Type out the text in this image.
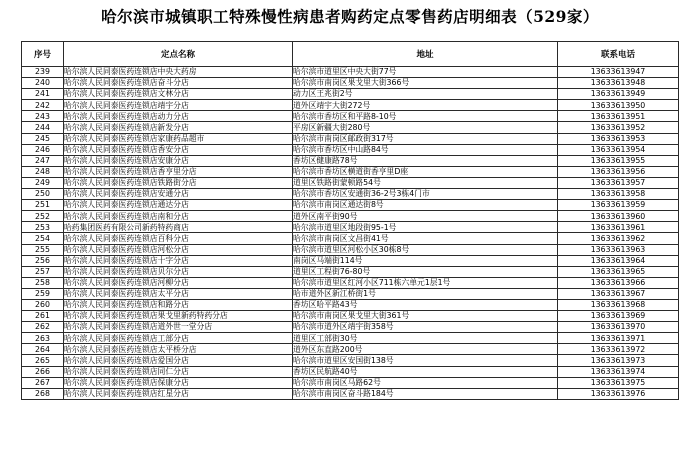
哈尔滨市城镇职工特殊慢性病患者购药定点零售药店明细表（529家）
序号	定点名称	地址	联系电话
239	哈尔滨人民同泰医药连锁店中央大药房	哈尔滨市道里区中央大街77号	13633613947
240	哈尔滨人民同泰医药连锁店奋斗分店	哈尔滨市南岗区果戈里大街366号	13633613948
241	哈尔滨人民同泰医药连锁店文林分店	动力区王兆街2号	13633613949
242	哈尔滨人民同泰医药连锁店靖宇分店	道外区靖宇大街272号	13633613950
243	哈尔滨人民同泰医药连锁店动力分店	哈尔滨市香坊区和平路8-10号	13633613951
244	哈尔滨人民同泰医药连锁店新发分店	平房区新疆大街280号	13633613952
245	哈尔滨人民同泰医药连锁店家康药品超市	哈尔滨市南岗区邮政街317号	13633613953
246	哈尔滨人民同泰医药连锁店香安分店	哈尔滨市香坊区中山路84号	13633613954
247	哈尔滨人民同泰医药连锁店安康分店	香坊区健康路78号	13633613955
248	哈尔滨人民同泰医药连锁店香亨里分店	哈尔滨市香坊区横道街香亨里D座	13633613956
249	哈尔滨人民同泰医药连锁店铁路街分店	道里区铁路街蒙顿路54号	13633613957
250	哈尔滨人民同泰医药连锁店安通分店	哈尔滨市香坊区安通街36-2号3栋4门市	13633613958
251	哈尔滨人民同泰医药连锁店通达分店	哈尔滨市南岗区通达街8号	13633613959
252	哈尔滨人民同泰医药连锁店南和分店	道外区南平街90号	13633613960
253	哈药集团医药有限公司新药特药商店	哈尔滨市道里区地段街95-1号	13633613961
254	哈尔滨人民同泰医药连锁店百科分店	哈尔滨市南岗区文昌街41号	13633613962
255	哈尔滨人民同泰医药连锁店河松分店	哈尔滨市道里区河松小区30栋8号	13633613963
256	哈尔滨人民同泰医药连锁店十字分店	南岗区马端街114号	13633613964
257	哈尔滨人民同泰医药连锁店贝尔分店	道里区工程街76-80号	13633613965
258	哈尔滨人民同泰医药连锁店河柳分店	哈尔滨市道里区红河小区711栋六单元1层1号	13633613966
259	哈尔滨人民同泰医药连锁店太平分店	哈市道外区新江桥街1号	13633613967
260	哈尔滨人民同泰医药连锁店和路分店	香坊区哈平路43号	13633613968
261	哈尔滨人民同泰医药连锁店果戈里新药特药分店	哈尔滨市南岗区果戈里大街361号	13633613969
262	哈尔滨人民同泰医药连锁店道外世一堂分店	哈尔滨市道外区靖宇街358号	13633613970
263	哈尔滨人民同泰医药连锁店工部分店	道里区工部街30号	13633613971
264	哈尔滨人民同泰医药连锁店太平桥分店	道外区东直路200号	13633613972
265	哈尔滨人民同泰医药连锁店爱国分店	哈尔滨市道里区安国街138号	13633613973
266	哈尔滨人民同泰医药连锁店同仁分店	香坊区民航路40号	13633613974
267	哈尔滨人民同泰医药连锁店保康分店	哈尔滨市南岗区马路62号	13633613975
268	哈尔滨人民同泰医药连锁店红星分店	哈尔滨市南岗区奋斗路184号	13633613976
